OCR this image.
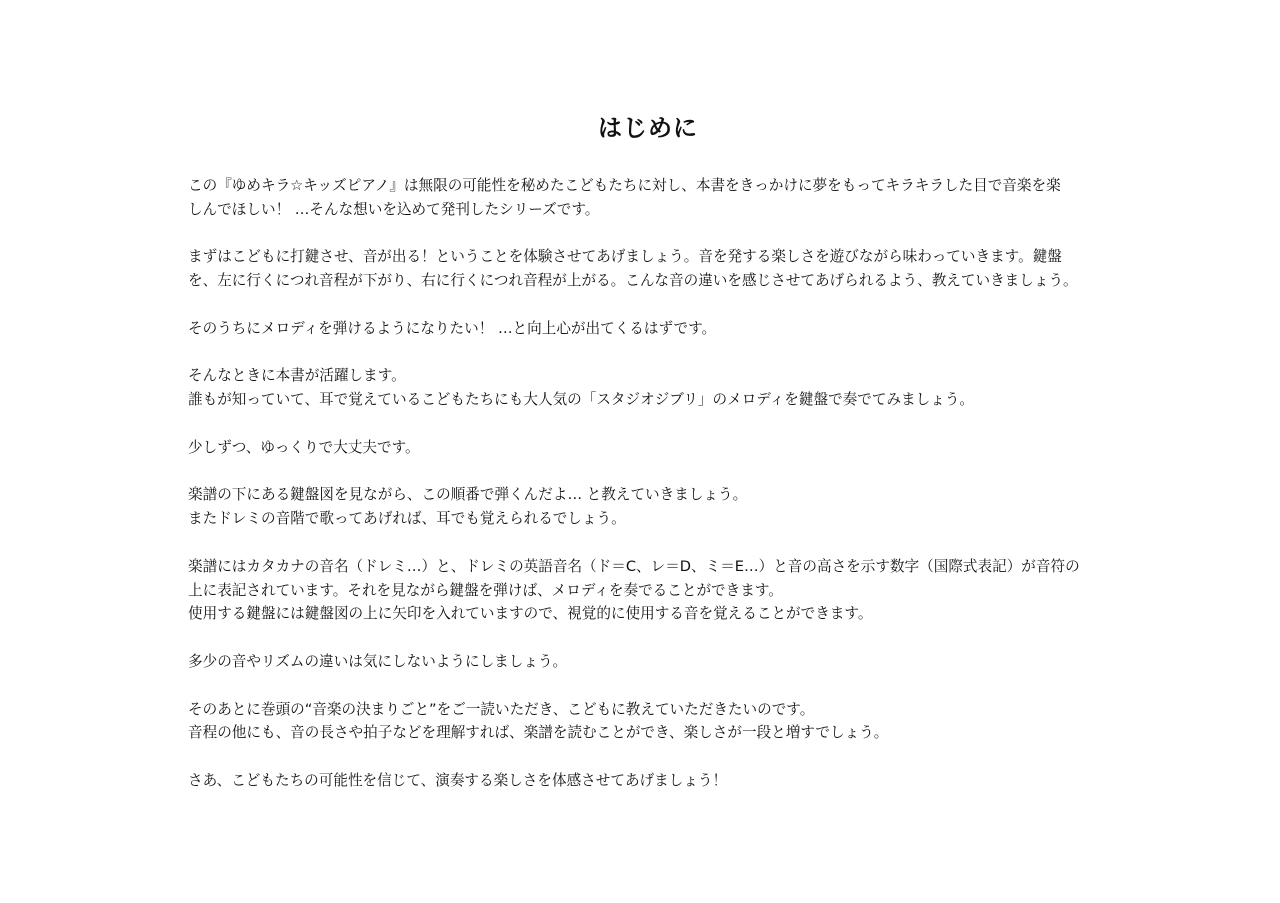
はじめに

この『ゆめキラ☆キッズピアノ』は無限の可能性を秘めたこどもたちに対し、本書をきっかけに夢をもってキラキラした目で音楽を楽
しんでほしい！ …そんな想いを込めて発刊したシリーズです。

まずはこどもに打鍵させ、音が出る！ということを体験させてあげましょう。音を発する楽しさを遊びながら味わっていきます。鍵盤
を、左に行くにつれ音程が下がり、右に行くにつれ音程が上がる。こんな音の違いを感じさせてあげられるよう、教えていきましょう。

そのうちにメロディを弾けるようになりたい！ …と向上心が出てくるはずです。

そんなときに本書が活躍します。
誰もが知っていて、耳で覚えているこどもたちにも大人気の「スタジオジブリ」のメロディを鍵盤で奏でてみましょう。

少しずつ、ゆっくりで大丈夫です。

楽譜の下にある鍵盤図を見ながら、この順番で弾くんだよ… と教えていきましょう。
またドレミの音階で歌ってあげれば、耳でも覚えられるでしょう。

楽譜にはカタカナの音名（ドレミ…）と、ドレミの英語音名（ド＝C、レ＝D、ミ＝E…）と音の高さを示す数字（国際式表記）が音符の
上に表記されています。それを見ながら鍵盤を弾けば、メロディを奏でることができます。
使用する鍵盤には鍵盤図の上に矢印を入れていますので、視覚的に使用する音を覚えることができます。

多少の音やリズムの違いは気にしないようにしましょう。

そのあとに巻頭の“音楽の決まりごと”をご一読いただき、こどもに教えていただきたいのです。
音程の他にも、音の長さや拍子などを理解すれば、楽譜を読むことができ、楽しさが一段と増すでしょう。

さあ、こどもたちの可能性を信じて、演奏する楽しさを体感させてあげましょう！
